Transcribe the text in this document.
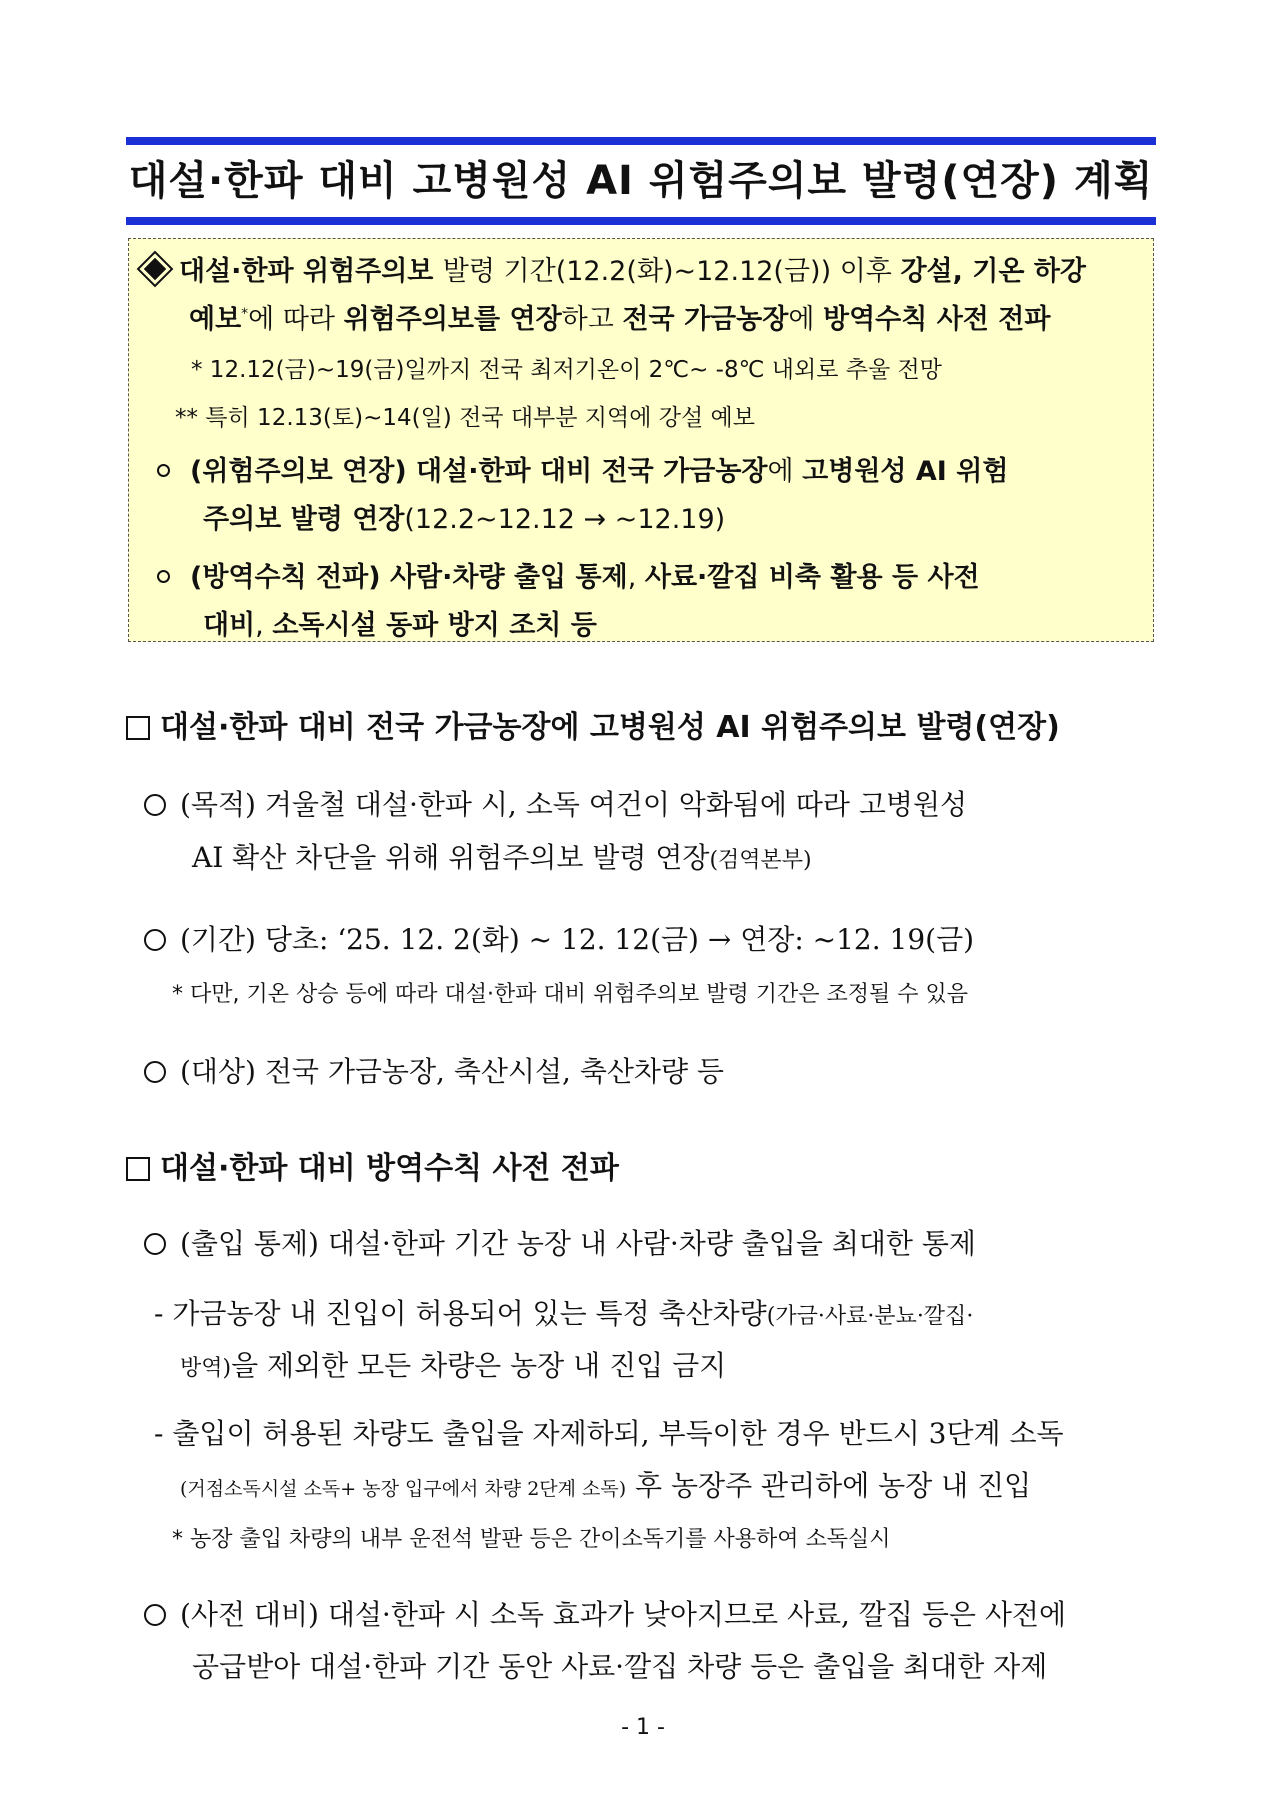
대설·한파 대비 고병원성 AI 위험주의보 발령(연장) 계획
대설·한파 위험주의보 발령 기간(12.2(화)~12.12(금)) 이후 강설, 기온 하강
예보*에 따라 위험주의보를 연장하고 전국 가금농장에 방역수칙 사전 전파
* 12.12(금)~19(금)일까지 전국 최저기온이 2℃~ -8℃ 내외로 추울 전망
** 특히 12.13(토)~14(일) 전국 대부분 지역에 강설 예보
(위험주의보 연장) 대설·한파 대비 전국 가금농장에 고병원성 AI 위험
주의보 발령 연장(12.2~12.12 → ~12.19)
(방역수칙 전파) 사람·차량 출입 통제, 사료·깔집 비축 활용 등 사전
대비, 소독시설 동파 방지 조치 등
대설·한파 대비 전국 가금농장에 고병원성 AI 위험주의보 발령(연장)
(목적) 겨울철 대설·한파 시, 소독 여건이 악화됨에 따라 고병원성
AI 확산 차단을 위해 위험주의보 발령 연장(검역본부)
(기간) 당초: ‘25. 12. 2(화) ~ 12. 12(금) → 연장: ~12. 19(금)
* 다만, 기온 상승 등에 따라 대설·한파 대비 위험주의보 발령 기간은 조정될 수 있음
(대상) 전국 가금농장, 축산시설, 축산차량 등
대설·한파 대비 방역수칙 사전 전파
(출입 통제) 대설·한파 기간 농장 내 사람·차량 출입을 최대한 통제
- 가금농장 내 진입이 허용되어 있는 특정 축산차량(가금·사료·분뇨·깔집·
방역)을 제외한 모든 차량은 농장 내 진입 금지
- 출입이 허용된 차량도 출입을 자제하되, 부득이한 경우 반드시 3단계 소독
(거점소독시설 소독+ 농장 입구에서 차량 2단계 소독) 후 농장주 관리하에 농장 내 진입
* 농장 출입 차량의 내부 운전석 발판 등은 간이소독기를 사용하여 소독실시
(사전 대비) 대설·한파 시 소독 효과가 낮아지므로 사료, 깔집 등은 사전에
공급받아 대설·한파 기간 동안 사료·깔집 차량 등은 출입을 최대한 자제
- 1 -
